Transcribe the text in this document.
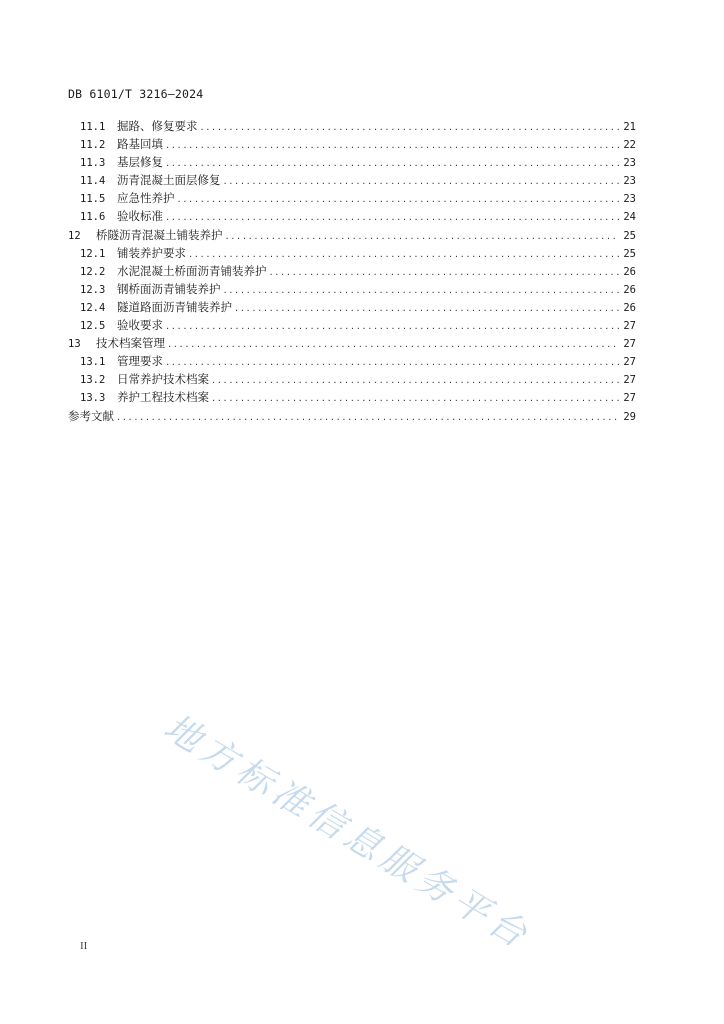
DB 6101/T 3216—2024
11.1	掘路、修复要求 .....	21
11.2	路基回填 .....	22
11.3	基层修复 .....	23
11.4	沥青混凝土面层修复 .....	23
11.5	应急性养护 .....	23
11.6	验收标准 .....	24
12	桥隧沥青混凝土铺装养护 .....	25
12.1	铺装养护要求 .....	25
12.2	水泥混凝土桥面沥青铺装养护 .....	26
12.3	钢桥面沥青铺装养护 .....	26
12.4	隧道路面沥青铺装养护 .....	26
12.5	验收要求 .....	27
13	技术档案管理 .....	27
13.1	管理要求 .....	27
13.2	日常养护技术档案 .....	27
13.3	养护工程技术档案 .....	27
参考文献 .....	29
地方标准信息服务平台
II
